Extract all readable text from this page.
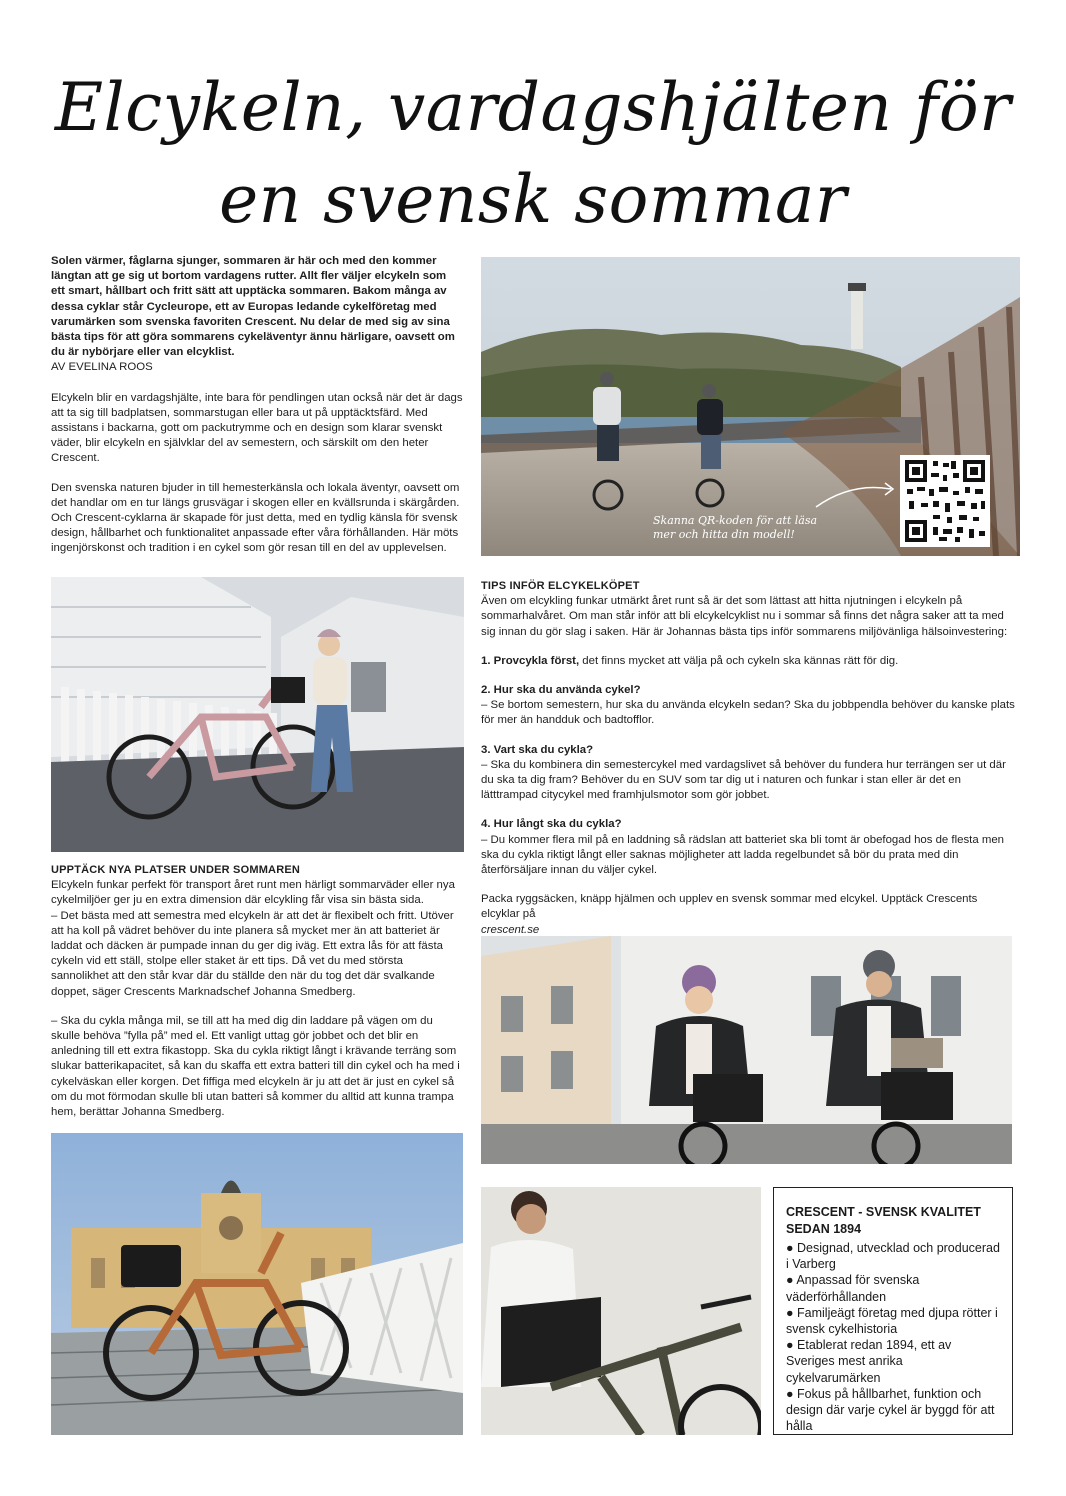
Elcykeln, vardagshjälten för
en svensk sommar
Solen värmer, fåglarna sjunger, sommaren är här och med den kommer längtan att ge sig ut bortom vardagens rutter. Allt fler väljer elcykeln som ett smart, hållbart och fritt sätt att upptäcka sommaren. Bakom många av dessa cyklar står Cycleurope, ett av Europas ledande cykelföretag med varumärken som svenska favoriten Crescent. Nu delar de med sig av sina bästa tips för att göra sommarens cykeläventyr ännu härligare, oavsett om du är nybörjare eller van elcyklist.
AV EVELINA ROOS

Elcykeln blir en vardagshjälte, inte bara för pendlingen utan också när det är dags att ta sig till badplatsen, sommarstugan eller bara ut på upptäcktsfärd. Med assistans i backarna, gott om packutrymme och en design som klarar svenskt väder, blir elcykeln en självklar del av semestern, och särskilt om den heter Crescent.

Den svenska naturen bjuder in till hemesterkänsla och lokala äventyr, oavsett om det handlar om en tur längs grusvägar i skogen eller en kvällsrunda i skärgården. Och Crescent-cyklarna är skapade för just detta, med en tydlig känsla för svensk design, hållbarhet och funktionalitet anpassade efter våra förhållanden. Här möts ingenjörskonst och tradition i en cykel som gör resan till en del av upplevelsen.

Skanna QR-koden för att läsa mer och hitta din modell!
TIPS INFÖR ELCYKELKÖPET

Även om elcykling funkar utmärkt året runt så är det som lättast att hitta njutningen i elcykeln på sommarhalvåret. Om man står inför att bli elcykelcyklist nu i sommar så finns det några saker att ta med sig innan du gör slag i saken. Här är Johannas bästa tips inför sommarens miljövänliga hälsoinvestering:

1. Provcykla först, det finns mycket att välja på och cykeln ska kännas rätt för dig.

2. Hur ska du använda cykel?
– Se bortom semestern, hur ska du använda elcykeln sedan? Ska du jobbpendla behöver du kanske plats för mer än handduk och badtofflor.

3. Vart ska du cykla?
– Ska du kombinera din semestercykel med vardagslivet så behöver du fundera hur terrängen ser ut där du ska ta dig fram? Behöver du en SUV som tar dig ut i naturen och funkar i stan eller är det en lätttrampad citycykel med framhjulsmotor som gör jobbet.

4. Hur långt ska du cykla?
– Du kommer flera mil på en laddning så rädslan att batteriet ska bli tomt är obefogad hos de flesta men ska du cykla riktigt långt eller saknas möjligheter att ladda regelbundet så bör du prata med din återförsäljare innan du väljer cykel.

Packa ryggsäcken, knäpp hjälmen och upplev en svensk sommar med elcykel. Upptäck Crescents elcyklar på
crescent.se

UPPTÄCK NYA PLATSER UNDER SOMMAREN

Elcykeln funkar perfekt för transport året runt men härligt sommarväder eller nya cykelmiljöer ger ju en extra dimension där elcykling får visa sin bästa sida.
– Det bästa med att semestra med elcykeln är att det är flexibelt och fritt. Utöver att ha koll på vädret behöver du inte planera så mycket mer än att batteriet är laddat och däcken är pumpade innan du ger dig iväg. Ett extra lås för att fästa cykeln vid ett ställ, stolpe eller staket är ett tips. Då vet du med största sannolikhet att den står kvar där du ställde den när du tog det där svalkande doppet, säger Crescents Marknadschef Johanna Smedberg.

– Ska du cykla många mil, se till att ha med dig din laddare på vägen om du skulle behöva ”fylla på” med el. Ett vanligt uttag gör jobbet och det blir en anledning till ett extra fikastopp. Ska du cykla riktigt långt i krävande terräng som slukar batterikapacitet, så kan du skaffa ett extra batteri till din cykel och ha med i cykelväskan eller korgen. Det fiffiga med elcykeln är ju att det är just en cykel så om du mot förmodan skulle bli utan batteri så kommer du alltid att kunna trampa hem, berättar Johanna Smedberg.

CRESCENT - SVENSK KVALITET SEDAN 1894
● Designad, utvecklad och producerad i Varberg
● Anpassad för svenska väderförhållanden
● Familjeägt företag med djupa rötter i svensk cykelhistoria
● Etablerat redan 1894, ett av Sveriges mest anrika cykelvarumärken
● Fokus på hållbarhet, funktion och design där varje cykel är byggd för att hålla
